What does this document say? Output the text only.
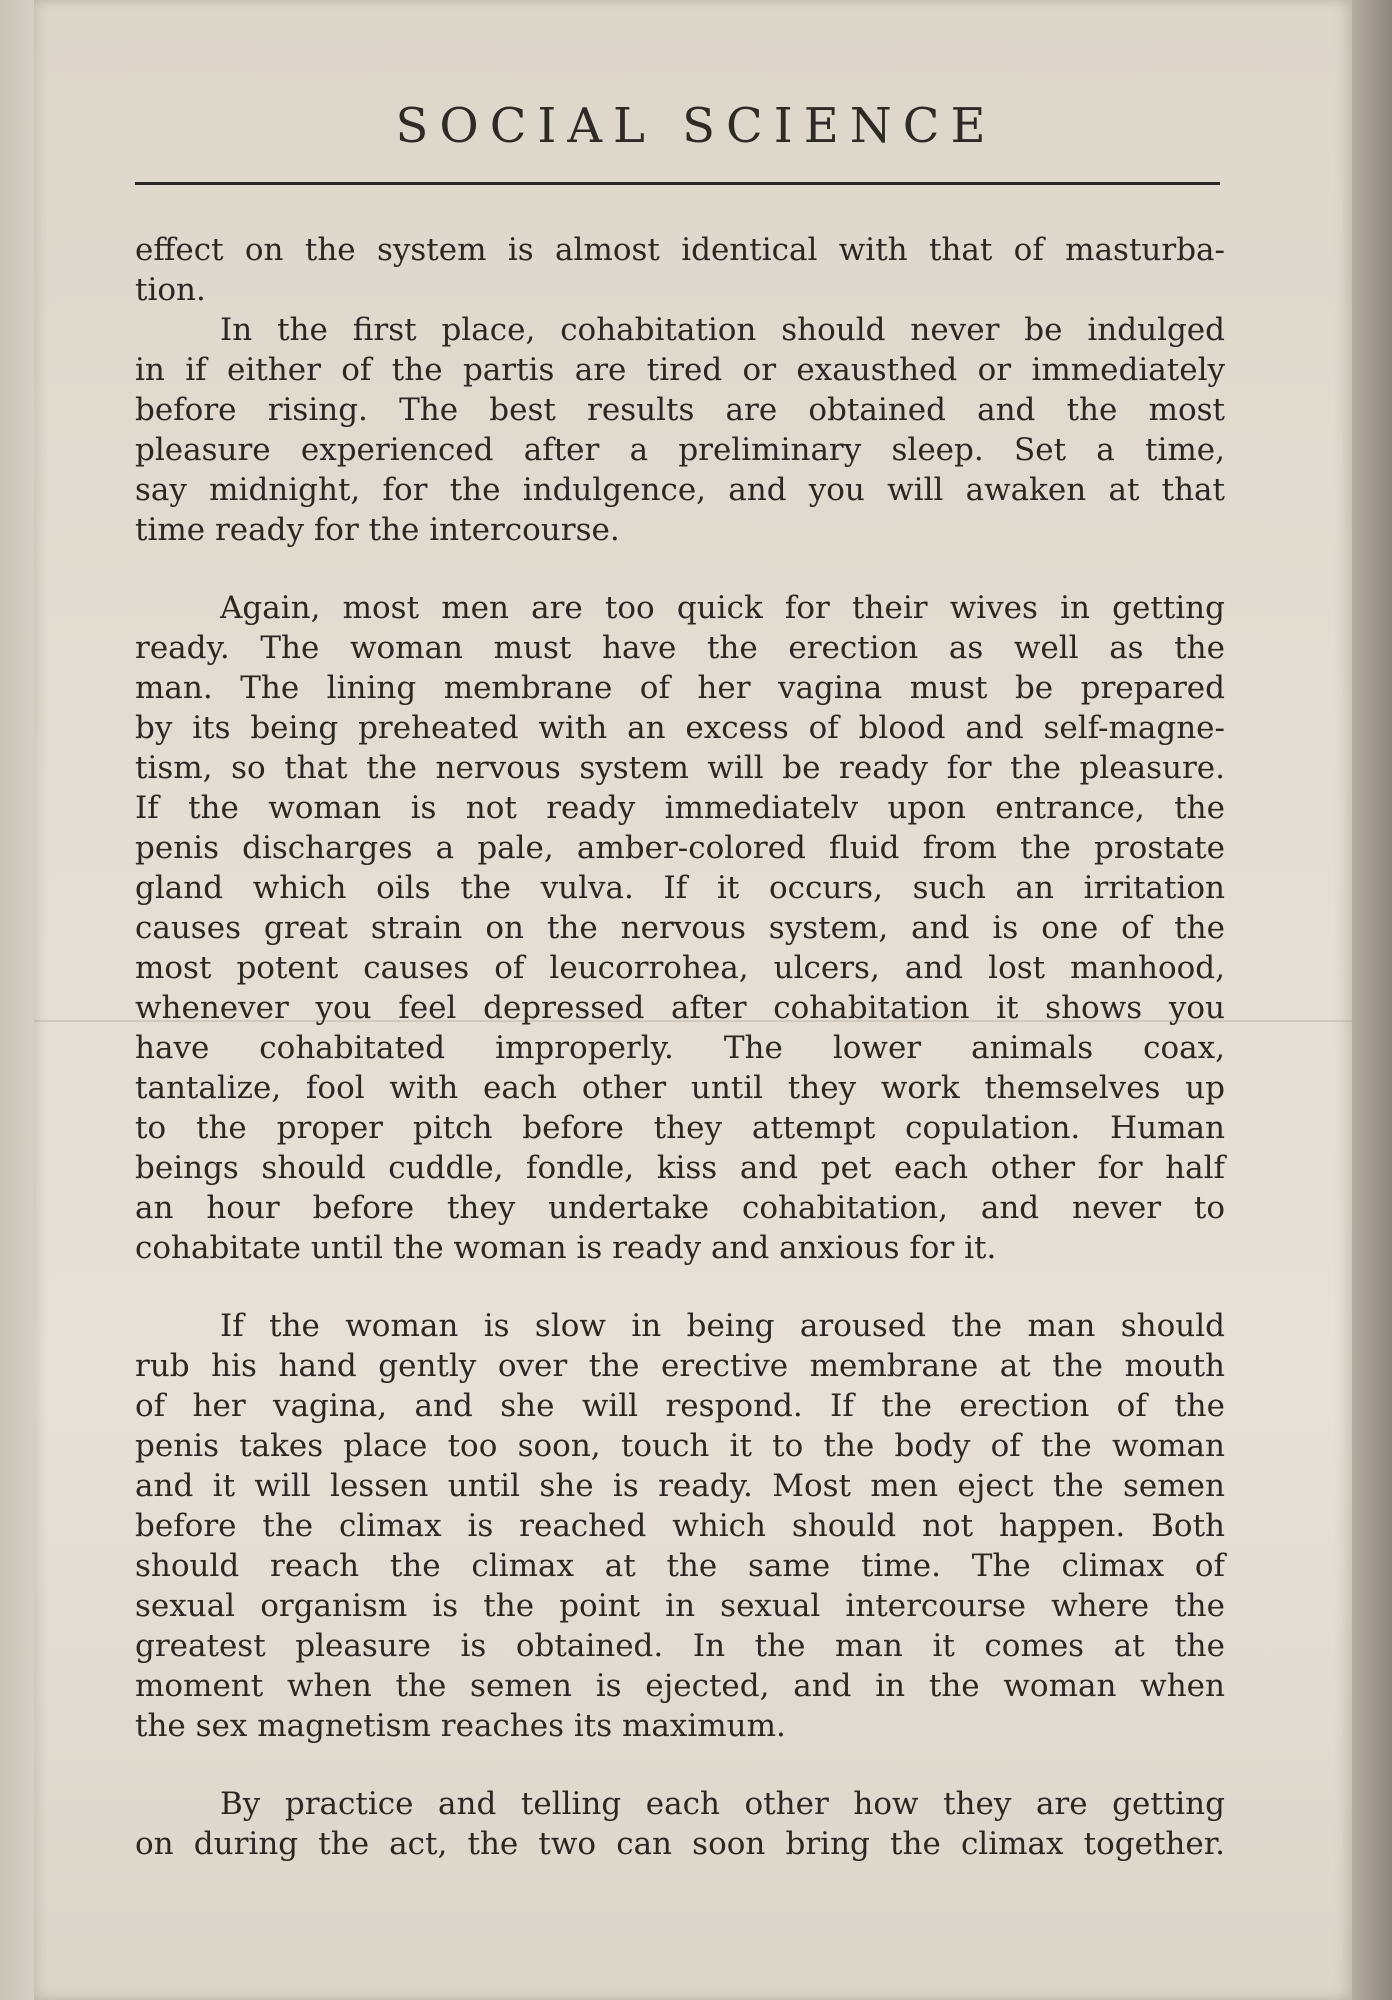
SOCIAL SCIENCE

effect on the system is almost identical with that of masturba-
tion.

In the first place, cohabitation should never be indulged
in if either of the partis are tired or exausthed or immediately
before rising. The best results are obtained and the most
pleasure experienced after a preliminary sleep. Set a time,
say midnight, for the indulgence, and you will awaken at that
time ready for the intercourse.

Again, most men are too quick for their wives in getting
ready. The woman must have the erection as well as the
man. The lining membrane of her vagina must be prepared
by its being preheated with an excess of blood and self-magne-
tism, so that the nervous system will be ready for the pleasure.
If the woman is not ready immediatelv upon entrance, the
penis discharges a pale, amber-colored fluid from the prostate
gland which oils the vulva. If it occurs, such an irritation
causes great strain on the nervous system, and is one of the
most potent causes of leucorrohea, ulcers, and lost manhood,
whenever you feel depressed after cohabitation it shows you
have cohabitated improperly. The lower animals coax,
tantalize, fool with each other until they work themselves up
to the proper pitch before they attempt copulation. Human
beings should cuddle, fondle, kiss and pet each other for half
an hour before they undertake cohabitation, and never to
cohabitate until the woman is ready and anxious for it.

If the woman is slow in being aroused the man should
rub his hand gently over the erective membrane at the mouth
of her vagina, and she will respond. If the erection of the
penis takes place too soon, touch it to the body of the woman
and it will lessen until she is ready. Most men eject the semen
before the climax is reached which should not happen. Both
should reach the climax at the same time. The climax of
sexual organism is the point in sexual intercourse where the
greatest pleasure is obtained. In the man it comes at the
moment when the semen is ejected, and in the woman when
the sex magnetism reaches its maximum.

By practice and telling each other how they are getting
on during the act, the two can soon bring the climax together.
